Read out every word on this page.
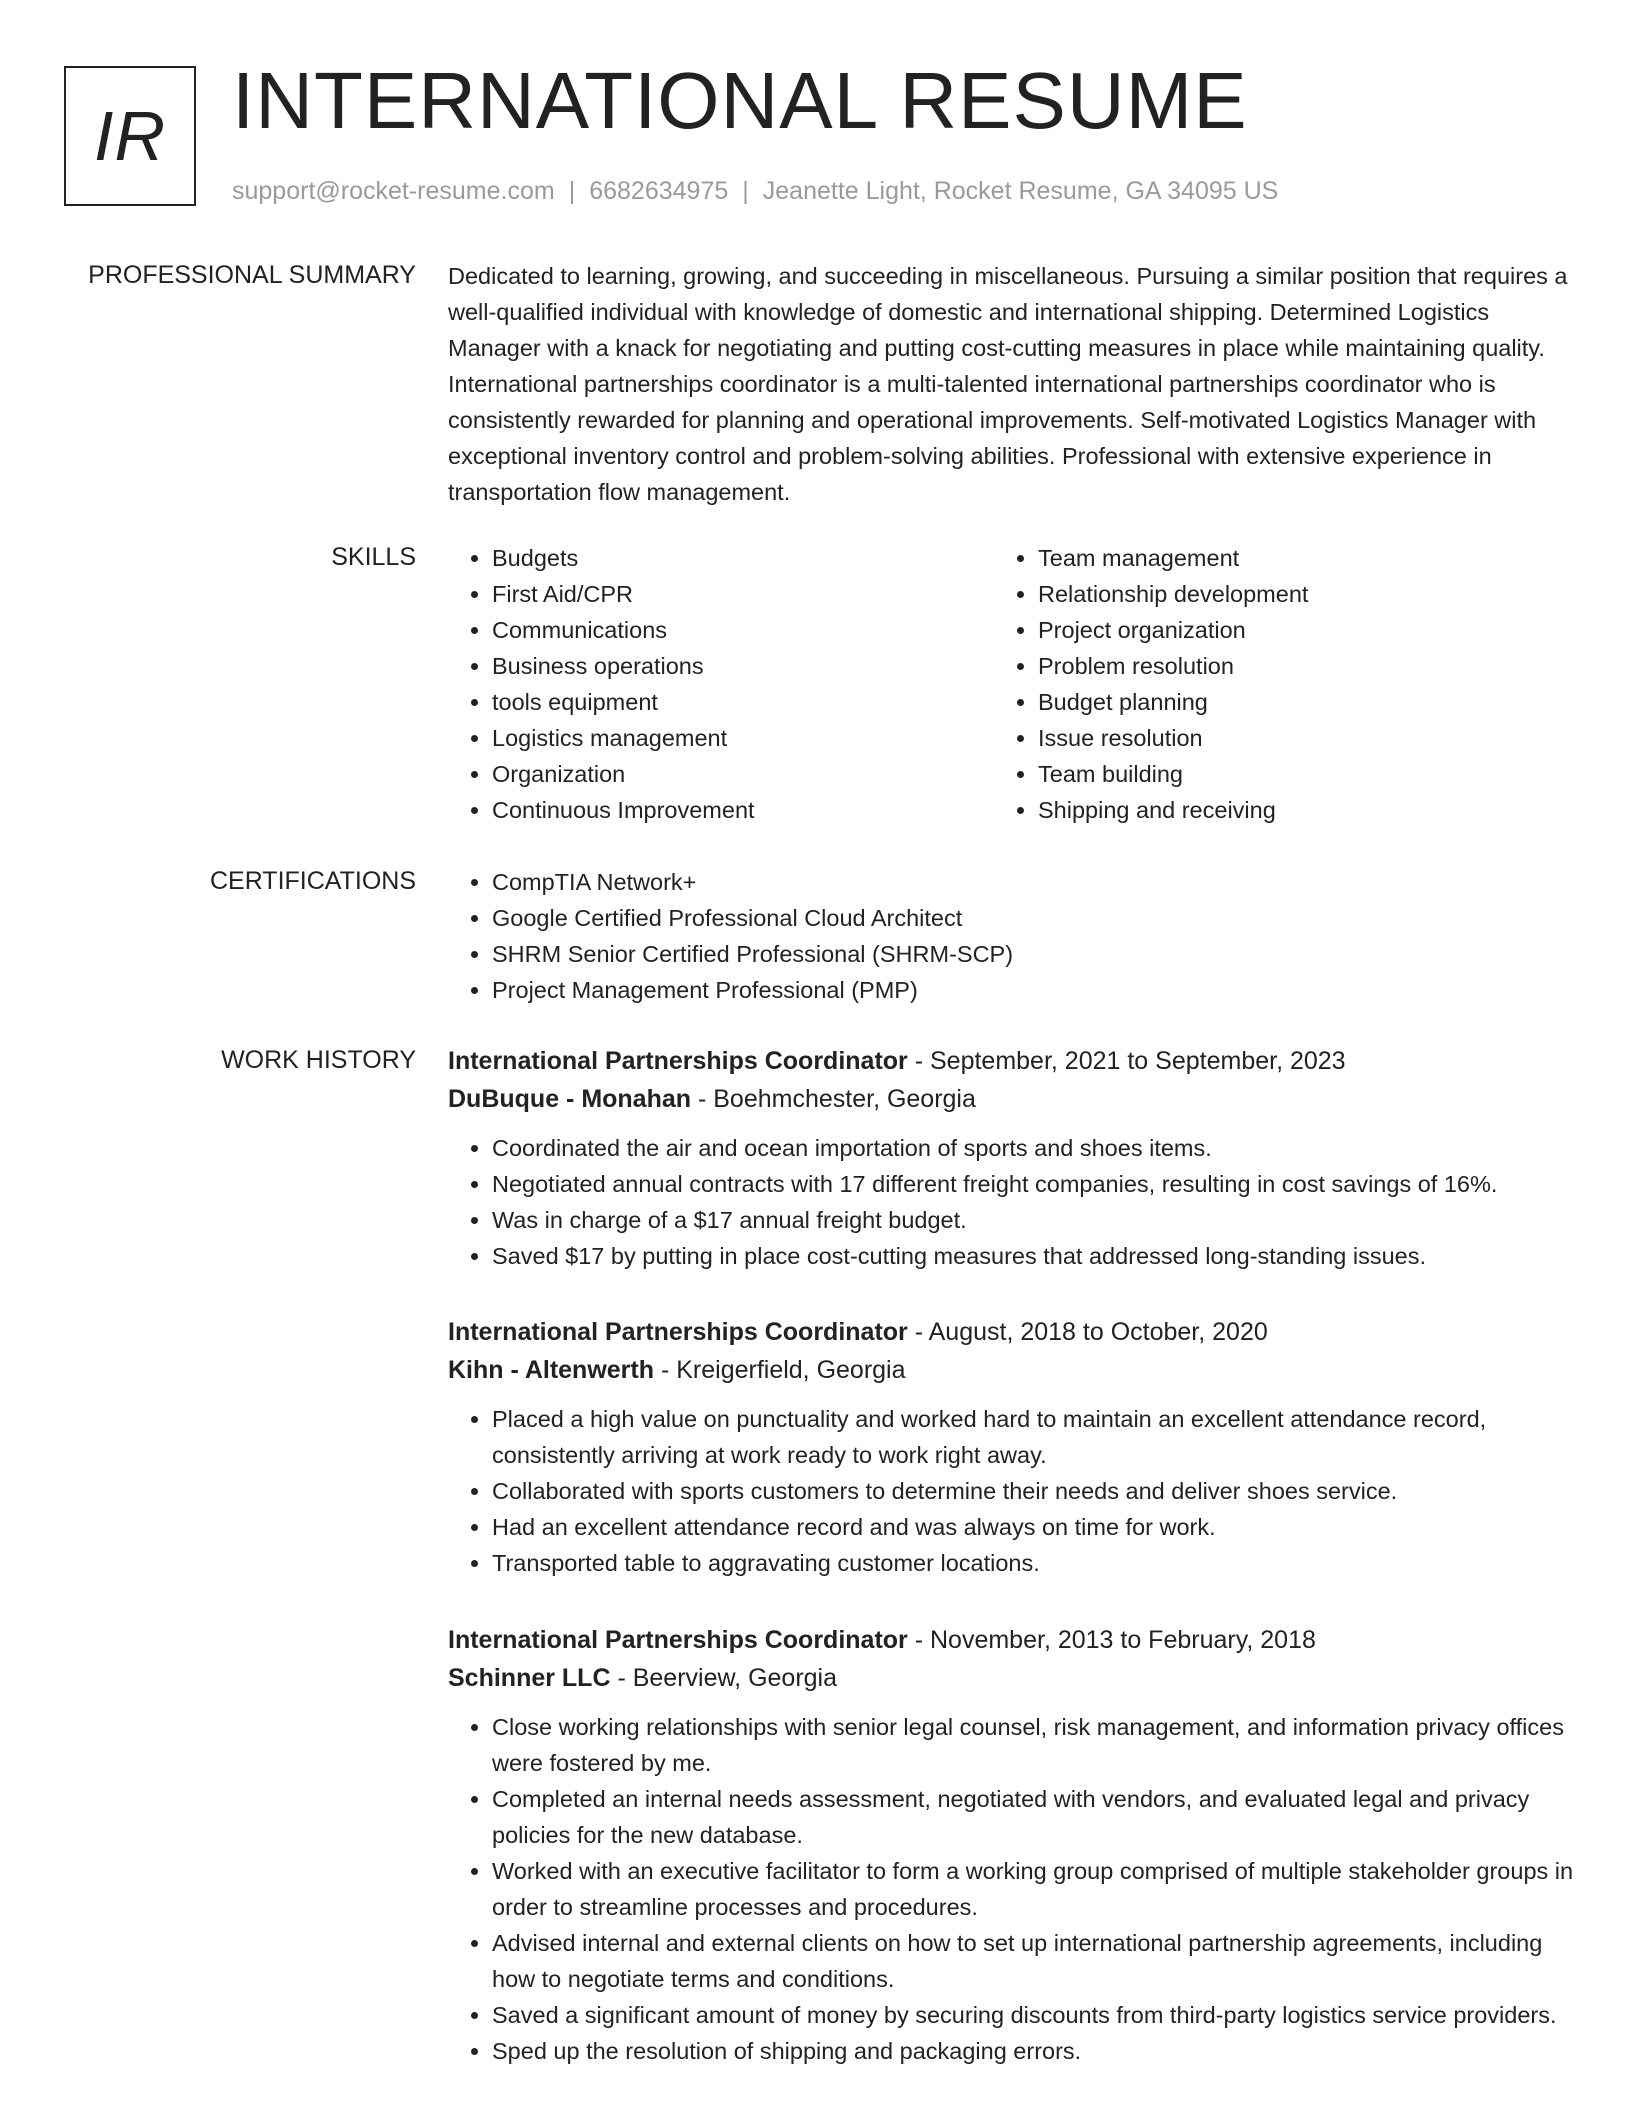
IR INTERNATIONAL RESUME
support@rocket-resume.com | 6682634975 | Jeanette Light, Rocket Resume, GA 34095 US
PROFESSIONAL SUMMARY Dedicated to learning, growing, and succeeding in miscellaneous. Pursuing a similar position that requires a well-qualified individual with knowledge of domestic and international shipping. Determined Logistics Manager with a knack for negotiating and putting cost-cutting measures in place while maintaining quality. International partnerships coordinator is a multi-talented international partnerships coordinator who is consistently rewarded for planning and operational improvements. Self-motivated Logistics Manager with exceptional inventory control and problem-solving abilities. Professional with extensive experience in transportation flow management.

SKILLS	• Budgets
• First Aid/CPR
• Communications
• Business operations
• tools equipment
• Logistics management
• Organization
• Continuous Improvement
• Team management
• Relationship development
• Project organization
• Problem resolution
• Budget planning
• Issue resolution
• Team building
• Shipping and receiving
CERTIFICATIONS	• CompTIA Network+
• Google Certified Professional Cloud Architect
• SHRM Senior Certified Professional (SHRM-SCP)
• Project Management Professional (PMP)
WORK HISTORY International Partnerships Coordinator - September, 2021 to September, 2023
DuBuque - Monahan - Boehmchester, Georgia
• Coordinated the air and ocean importation of sports and shoes items.
• Negotiated annual contracts with 17 different freight companies, resulting in cost savings of 16%.
• Was in charge of a $17 annual freight budget.
• Saved $17 by putting in place cost-cutting measures that addressed long-standing issues.
International Partnerships Coordinator - August, 2018 to October, 2020
Kihn - Altenwerth - Kreigerfield, Georgia
• Placed a high value on punctuality and worked hard to maintain an excellent attendance record, consistently arriving at work ready to work right away.
• Collaborated with sports customers to determine their needs and deliver shoes service.
• Had an excellent attendance record and was always on time for work.
• Transported table to aggravating customer locations.
International Partnerships Coordinator - November, 2013 to February, 2018
Schinner LLC - Beerview, Georgia
• Close working relationships with senior legal counsel, risk management, and information privacy offices were fostered by me.
• Completed an internal needs assessment, negotiated with vendors, and evaluated legal and privacy policies for the new database.
• Worked with an executive facilitator to form a working group comprised of multiple stakeholder groups in order to streamline processes and procedures.
• Advised internal and external clients on how to set up international partnership agreements, including how to negotiate terms and conditions.
• Saved a significant amount of money by securing discounts from third-party logistics service providers.
• Sped up the resolution of shipping and packaging errors.
